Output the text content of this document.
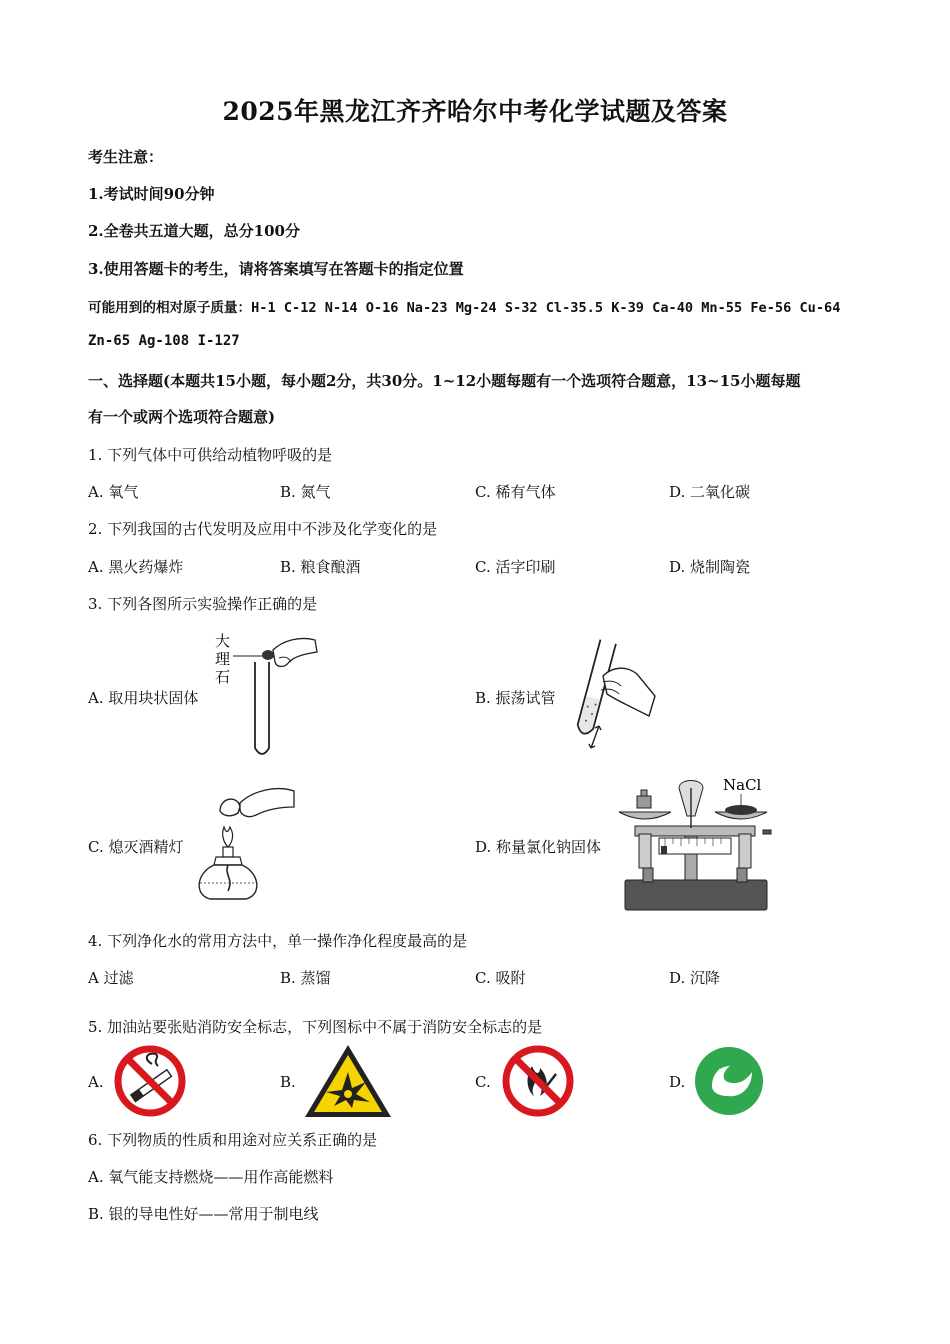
2025年黑龙江齐齐哈尔中考化学试题及答案
考生注意：
1.考试时间90分钟
2.全卷共五道大题，总分100分
3.使用答题卡的考生，请将答案填写在答题卡的指定位置
可能用到的相对原子质量：H-1 C-12 N-14 O-16 Na-23 Mg-24 S-32 Cl-35.5 K-39 Ca-40 Mn-55 Fe-56 Cu-64
Zn-65 Ag-108 I-127
一、选择题(本题共15小题，每小题2分，共30分。1~12小题每题有一个选项符合题意，13~15小题每题
有一个或两个选项符合题意)
1. 下列气体中可供给动植物呼吸的是
A. 氧气	B. 氮气	C. 稀有气体	D. 二氧化碳
2. 下列我国的古代发明及应用中不涉及化学变化的是
A. 黑火药爆炸	B. 粮食酿酒	C. 活字印刷	D. 烧制陶瓷
3. 下列各图所示实验操作正确的是
A. 取用块状固体	B. 振荡试管
C. 熄灭酒精灯	D. 称量氯化钠固体
大
理
石
NaCl
4. 下列净化水的常用方法中，单一操作净化程度最高的是
A 过滤	B. 蒸馏	C. 吸附	D. 沉降
5. 加油站要张贴消防安全标志，下列图标中不属于消防安全标志的是
A.	B.	C.	D.
6. 下列物质的性质和用途对应关系正确的是
A. 氧气能支持燃烧——用作高能燃料
B. 银的导电性好——常用于制电线
